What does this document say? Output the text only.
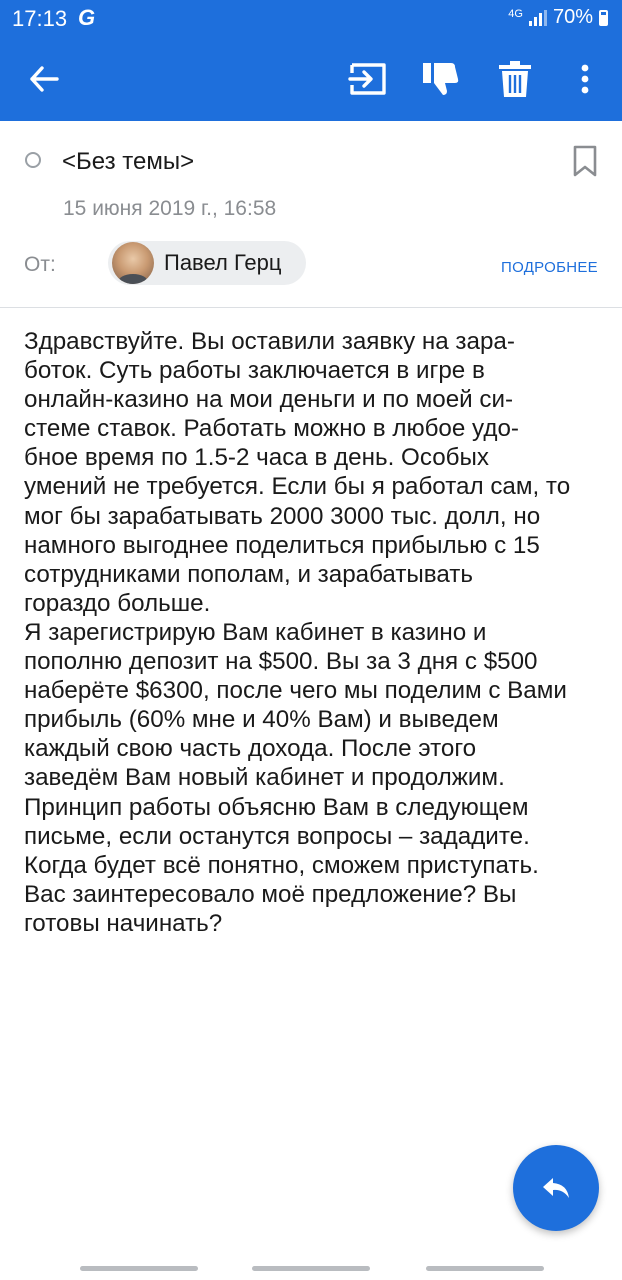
17:13 G	4G 70%
<Без темы>
15 июня 2019 г., 16:58
От:	Павел Герц	ПОДРОБНЕЕ
Здравствуйте. Вы оставили заявку на зара-
боток. Суть работы заключается в игре в
онлайн-казино на мои деньги и по моей си-
стеме ставок. Работать можно в любое удо-
бное время по 1.5-2 часа в день. Особых
умений не требуется. Если бы я работал сам, то
мог бы зарабатывать 2000 3000 тыс. долл, но
намного выгоднее поделиться прибылью с 15
сотрудниками пополам, и зарабатывать
гораздо больше.
Я зарегистрирую Вам кабинет в казино и
пополню депозит на $500. Вы за 3 дня с $500
наберёте $6300, после чего мы поделим с Вами
прибыль (60% мне и 40% Вам) и выведем
каждый свою часть дохода. После этого
заведём Вам новый кабинет и продолжим.
Принцип работы объясню Вам в следующем
письме, если останутся вопросы – зададите.
Когда будет всё понятно, сможем приступать.
Вас заинтересовало моё предложение? Вы
готовы начинать?
